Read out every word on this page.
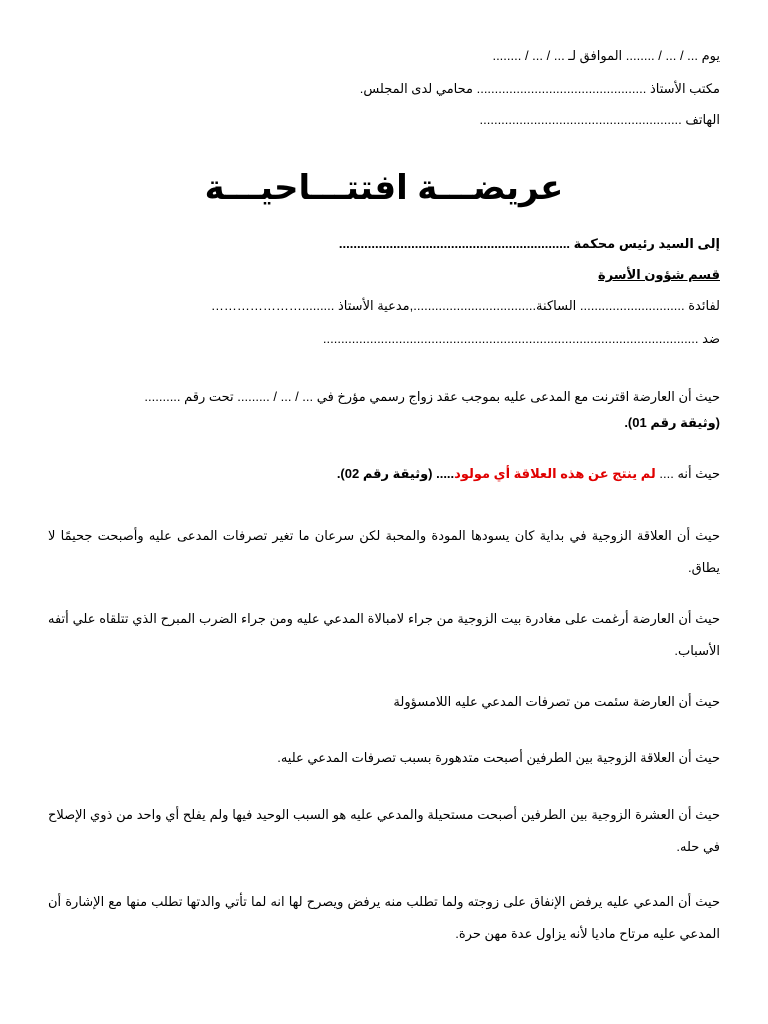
يوم ... / ... / ........ الموافق لـ ... / ... / ........
مكتب الأستاذ ............................................... محامي لدى المجلس.
الهاتف ........................................................
عريضـــة افتتـــاحيـــة
إلى السيد رئيس محكمة ................................................................
قسم شؤون الأسرة
لفائدة ............................. الساكنة..................................,مدعية الأستاذ .........…………………
ضد ........................................................................................................
حيث أن العارضة اقترنت مع المدعى عليه بموجب عقد زواج رسمي مؤرخ في ... / ... / ......... تحت رقم ..........
(وثيقة رقم 01).
حيث أنه .... لم ينتج عن هذه العلاقة أي مولود..... (وثيقة رقم 02).
حيث أن العلاقة الزوجية في بداية كان يسودها المودة والمحبة لكن سرعان ما تغير تصرفات المدعى عليه وأصبحت جحيمًا لا يطاق.
حيث أن العارضة أرغمت على مغادرة بيت الزوجية من جراء لامبالاة المدعي عليه ومن جراء الضرب المبرح الذي تتلقاه علي أتفه الأسباب.
حيث أن العارضة سئمت من تصرفات المدعي عليه اللامسؤولة
حيث أن العلاقة الزوجية بين الطرفين أصبحت متدهورة بسبب تصرفات المدعي عليه.
حيث أن العشرة الزوجية بين الطرفين أصبحت مستحيلة والمدعي عليه هو السبب الوحيد فيها ولم يفلح أي واحد من ذوي الإصلاح في حله.
حيث أن المدعي عليه يرفض الإنفاق على زوجته ولما تطلب منه يرفض ويصرح لها انه لما تأتي والدتها تطلب منها مع الإشارة أن المدعي عليه مرتاح ماديا لأنه يزاول عدة مهن حرة.
